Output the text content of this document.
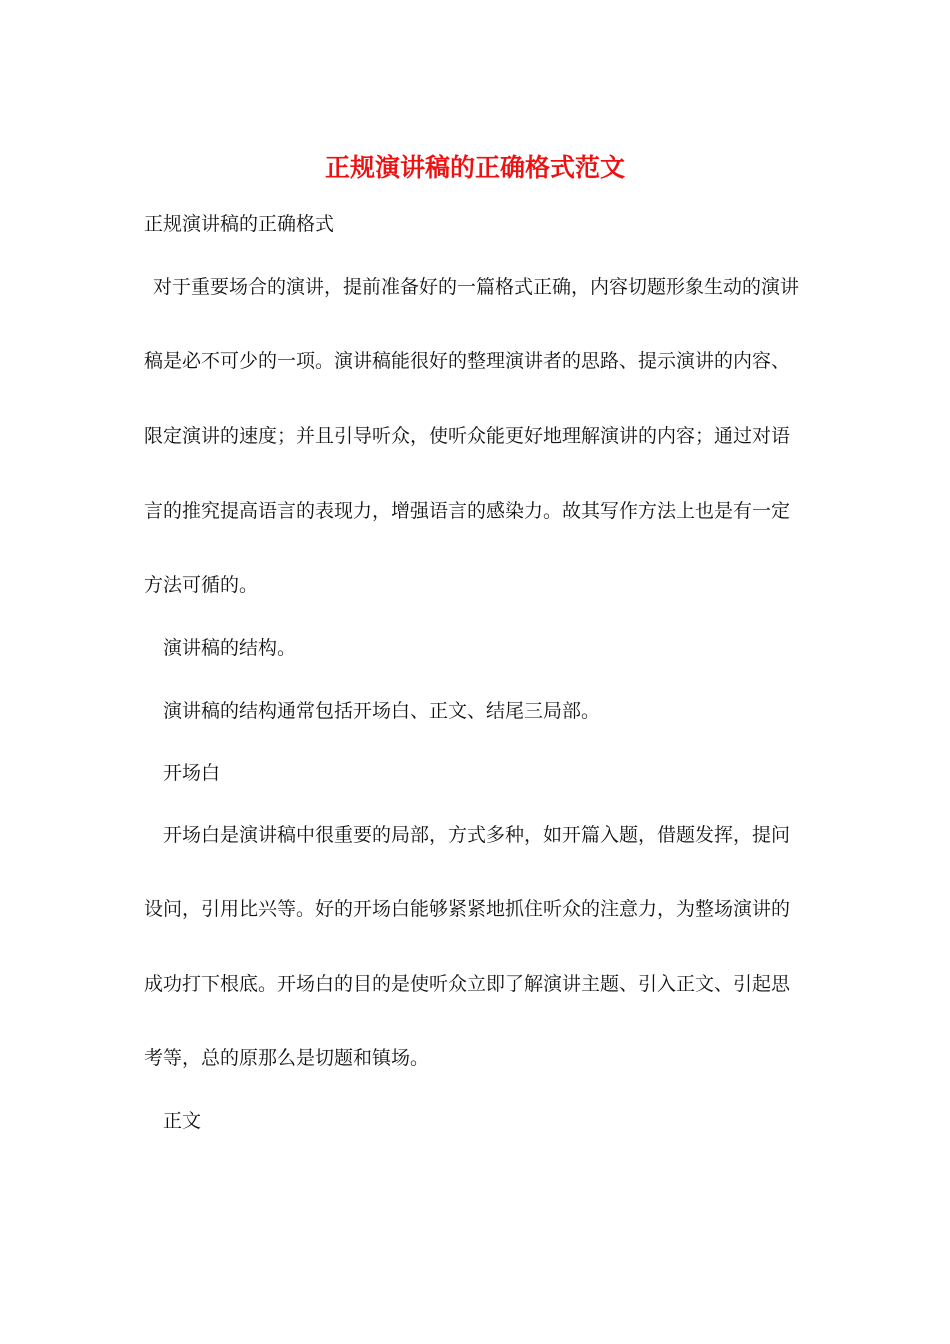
正规演讲稿的正确格式范文

正规演讲稿的正确格式

对于重要场合的演讲，提前准备好的一篇格式正确，内容切题形象生动的演讲

稿是必不可少的一项。演讲稿能很好的整理演讲者的思路、提示演讲的内容、

限定演讲的速度；并且引导听众，使听众能更好地理解演讲的内容；通过对语

言的推究提高语言的表现力，增强语言的感染力。故其写作方法上也是有一定

方法可循的。

演讲稿的结构。

演讲稿的结构通常包括开场白、正文、结尾三局部。

开场白

开场白是演讲稿中很重要的局部，方式多种，如开篇入题，借题发挥，提问

设问，引用比兴等。好的开场白能够紧紧地抓住听众的注意力，为整场演讲的

成功打下根底。开场白的目的是使听众立即了解演讲主题、引入正文、引起思

考等，总的原那么是切题和镇场。

正文
